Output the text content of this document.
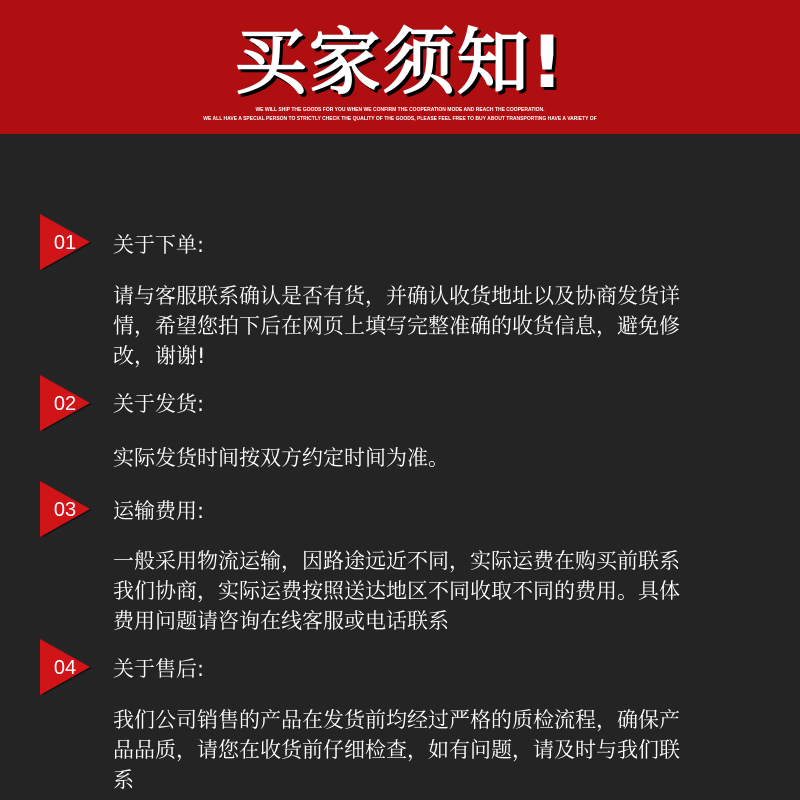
买家须知!
WE WILL SHIP THE GOODS FOR YOU WHEN WE CONFIRM THE COOPERATION MODE AND REACH THE COOPERATION.
WE ALL HAVE A SPECIAL PERSON TO STRICTLY CHECK THE QUALITY OF THE GOODS, PLEASE FEEL FREE TO BUY ABOUT TRANSPORTING HAVE A VARIETY OF
01 关于下单:
请与客服联系确认是否有货，并确认收货地址以及协商发货详
情，希望您拍下后在网页上填写完整准确的收货信息，避免修
改，谢谢!
02 关于发货:
实际发货时间按双方约定时间为准。
03 运输费用:
一般采用物流运输，因路途远近不同，实际运费在购买前联系
我们协商，实际运费按照送达地区不同收取不同的费用。具体
费用问题请咨询在线客服或电话联系
04 关于售后:
我们公司销售的产品在发货前均经过严格的质检流程，确保产
品品质，请您在收货前仔细检查，如有问题，请及时与我们联
系
